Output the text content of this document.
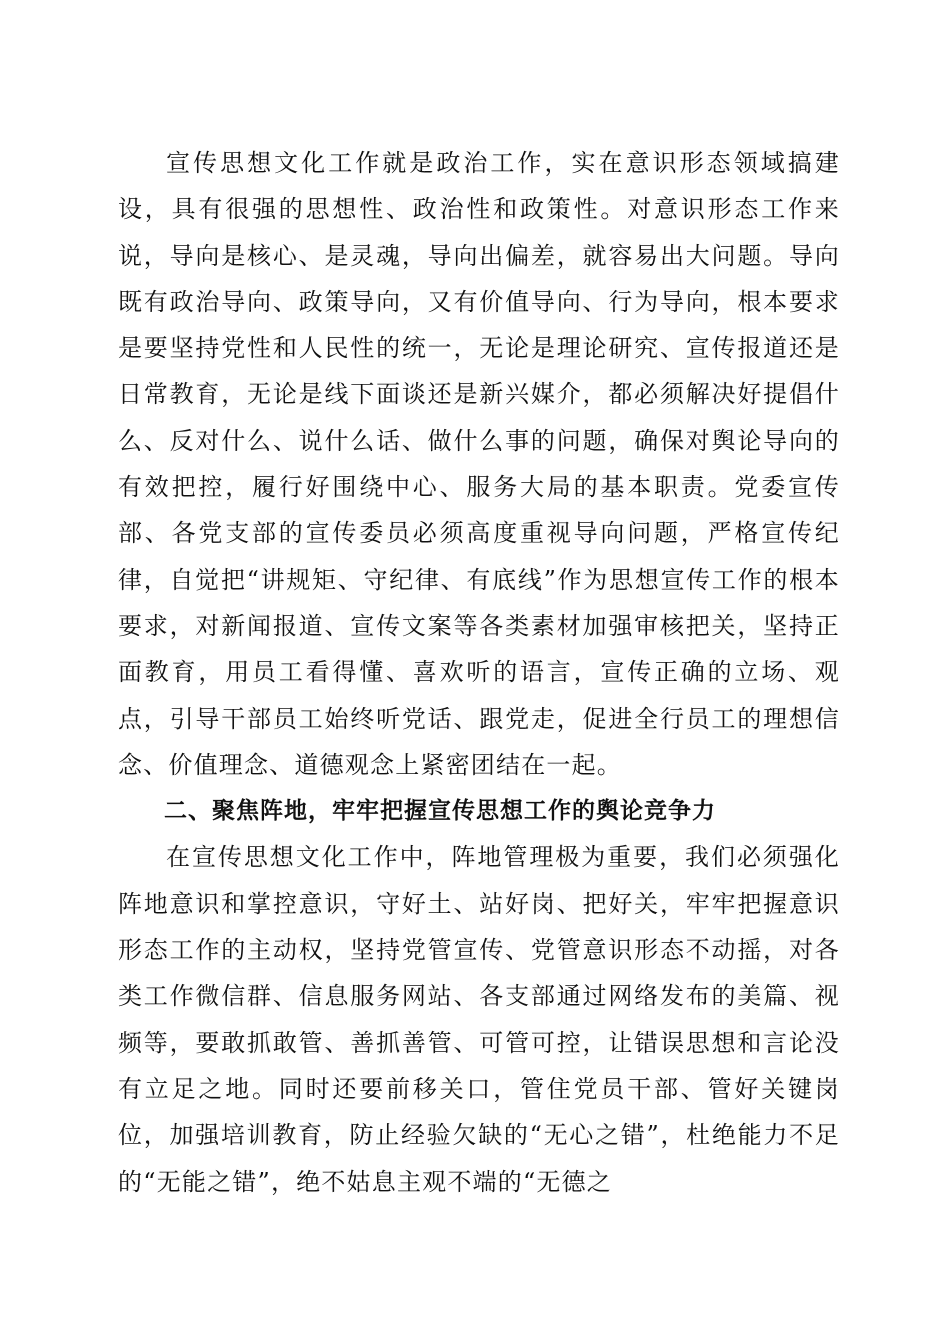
宣传思想文化工作就是政治工作，实在意识形态领域搞建设，具有很强的思想性、政治性和政策性。对意识形态工作来说，导向是核心、是灵魂，导向出偏差，就容易出大问题。导向既有政治导向、政策导向，又有价值导向、行为导向，根本要求是要坚持党性和人民性的统一，无论是理论研究、宣传报道还是日常教育，无论是线下面谈还是新兴媒介，都必须解决好提倡什么、反对什么、说什么话、做什么事的问题，确保对舆论导向的有效把控，履行好围绕中心、服务大局的基本职责。党委宣传部、各党支部的宣传委员必须高度重视导向问题，严格宣传纪律，自觉把“讲规矩、守纪律、有底线”作为思想宣传工作的根本要求，对新闻报道、宣传文案等各类素材加强审核把关，坚持正面教育，用员工看得懂、喜欢听的语言，宣传正确的立场、观点，引导干部员工始终听党话、跟党走，促进全行员工的理想信念、价值理念、道德观念上紧密团结在一起。

二、聚焦阵地，牢牢把握宣传思想工作的舆论竞争力

在宣传思想文化工作中，阵地管理极为重要，我们必须强化阵地意识和掌控意识，守好土、站好岗、把好关，牢牢把握意识形态工作的主动权，坚持党管宣传、党管意识形态不动摇，对各类工作微信群、信息服务网站、各支部通过网络发布的美篇、视频等，要敢抓敢管、善抓善管、可管可控，让错误思想和言论没有立足之地。同时还要前移关口，管住党员干部、管好关键岗位，加强培训教育，防止经验欠缺的“无心之错”，杜绝能力不足的“无能之错”，绝不姑息主观不端的“无德之
